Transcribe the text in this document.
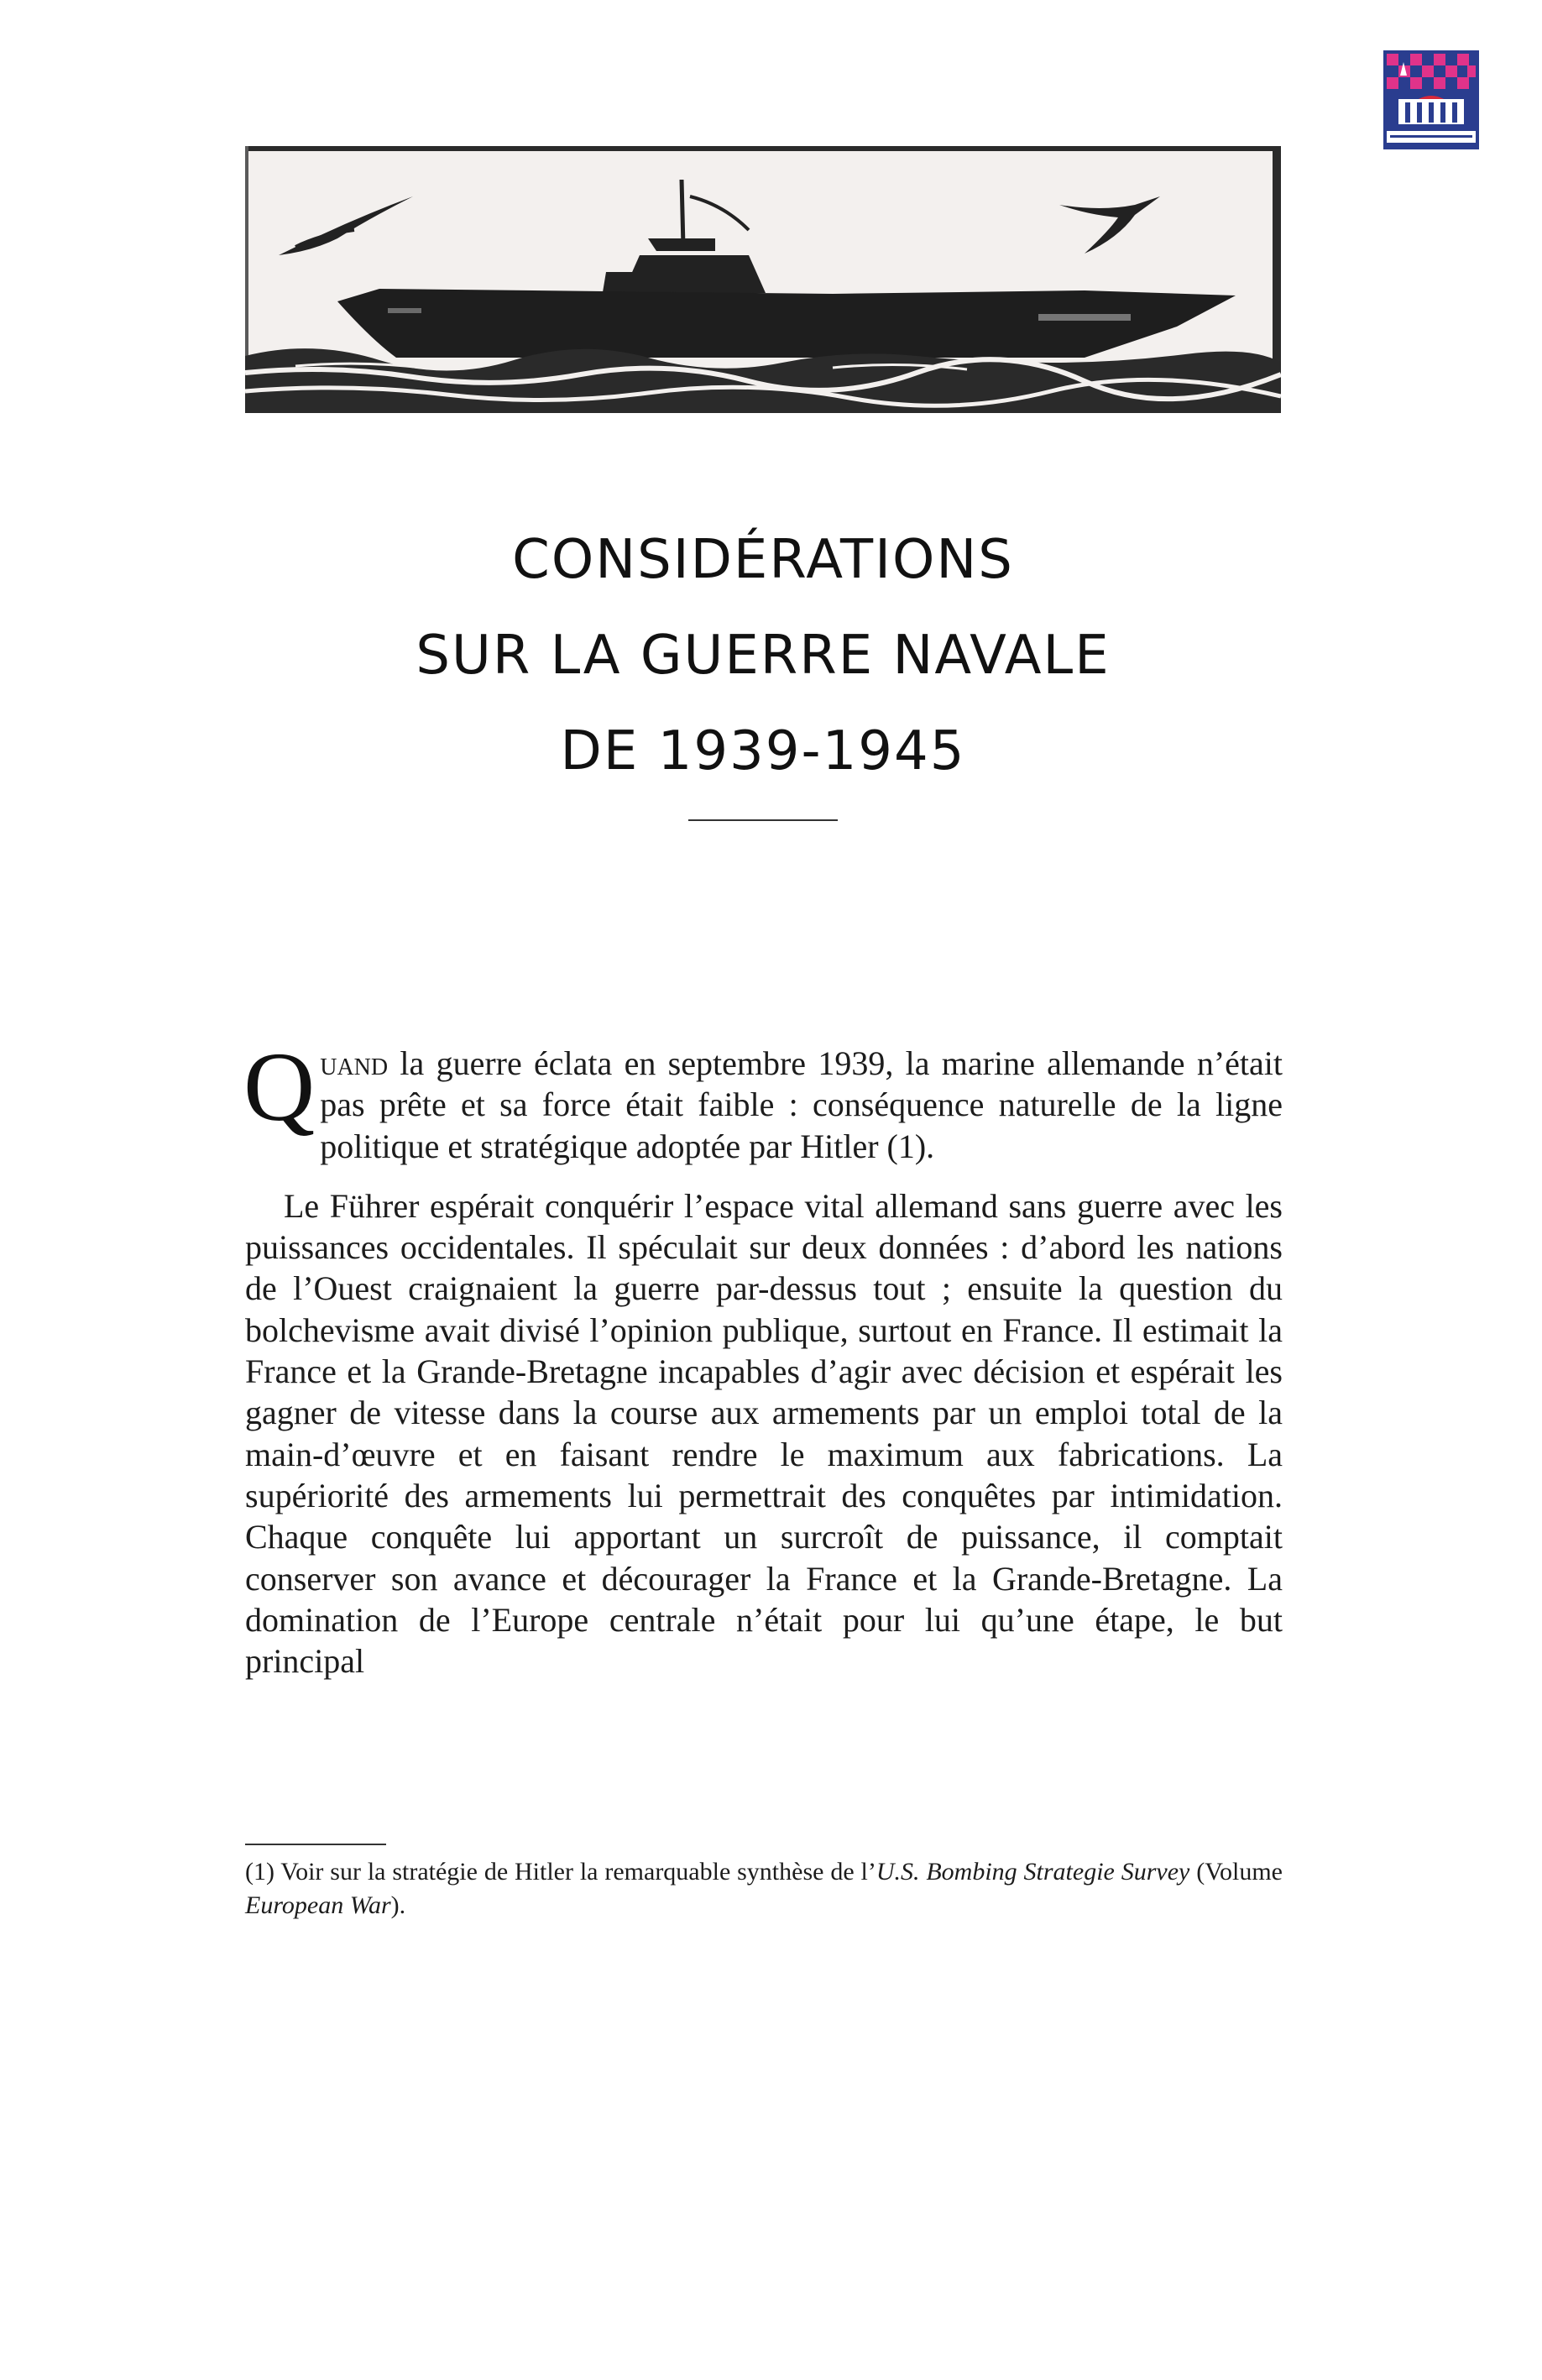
CONSIDÉRATIONS
SUR LA GUERRE NAVALE
DE 1939-1945

Quand la guerre éclata en septembre 1939, la marine allemande n’était pas prête et sa force était faible : conséquence naturelle de la ligne politique et stratégique adoptée par Hitler (1).

Le Führer espérait conquérir l’espace vital allemand sans guerre avec les puissances occidentales. Il spéculait sur deux données : d’abord les nations de l’Ouest craignaient la guerre par-dessus tout ; ensuite la question du bolchevisme avait divisé l’opinion publique, surtout en France. Il estimait la France et la Grande-Bretagne incapables d’agir avec décision et espérait les gagner de vitesse dans la course aux armements par un emploi total de la main-d’œuvre et en faisant rendre le maximum aux fabrications. La supériorité des armements lui permettrait des conquêtes par intimidation. Chaque conquête lui apportant un surcroît de puissance, il comptait conserver son avance et décourager la France et la Grande-Bretagne. La domination de l’Europe centrale n’était pour lui qu’une étape, le but principal

(1) Voir sur la stratégie de Hitler la remarquable synthèse de l’U.S. Bombing Strategie Survey (Volume European War).
